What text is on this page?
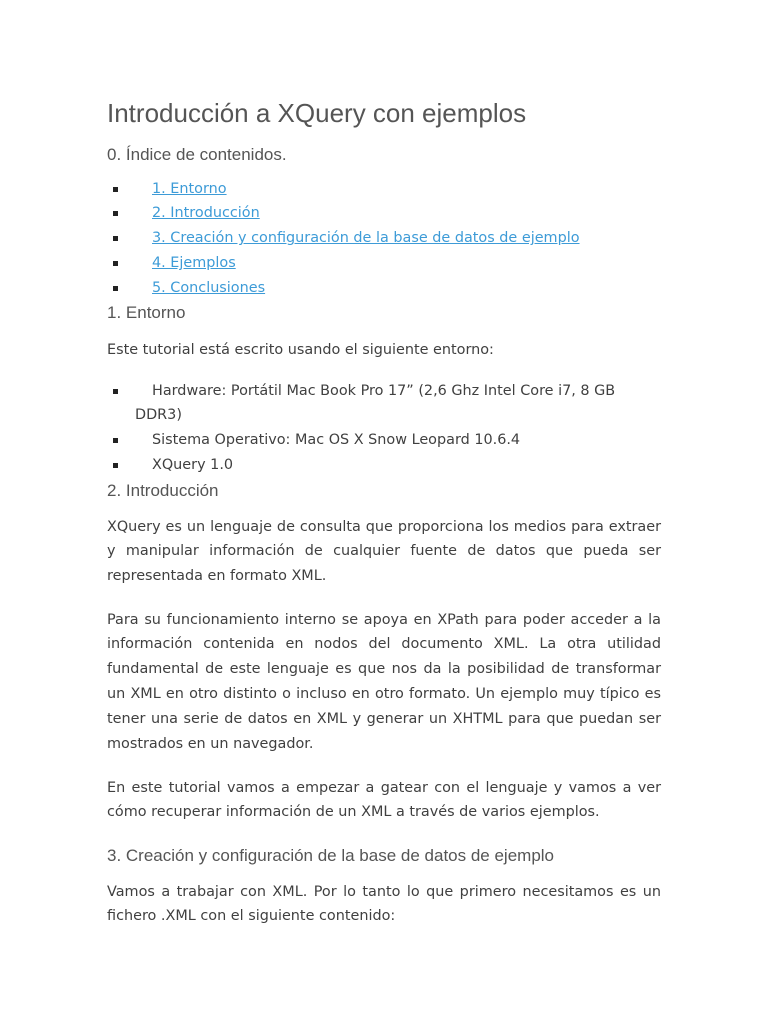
Introducción a XQuery con ejemplos
0. Índice de contenidos.
1. Entorno
2. Introducción
3. Creación y configuración de la base de datos de ejemplo
4. Ejemplos
5. Conclusiones
1. Entorno

Este tutorial está escrito usando el siguiente entorno:

Hardware: Portátil Mac Book Pro 17” (2,6 Ghz Intel Core i7, 8 GB DDR3)
Sistema Operativo: Mac OS X Snow Leopard 10.6.4
XQuery 1.0
2. Introducción

XQuery es un lenguaje de consulta que proporciona los medios para extraer y manipular información de cualquier fuente de datos que pueda ser representada en formato XML.

Para su funcionamiento interno se apoya en XPath para poder acceder a la información contenida en nodos del documento XML. La otra utilidad fundamental de este lenguaje es que nos da la posibilidad de transformar un XML en otro distinto o incluso en otro formato. Un ejemplo muy típico es tener una serie de datos en XML y generar un XHTML para que puedan ser mostrados en un navegador.

En este tutorial vamos a empezar a gatear con el lenguaje y vamos a ver cómo recuperar información de un XML a través de varios ejemplos.

3. Creación y configuración de la base de datos de ejemplo

Vamos a trabajar con XML. Por lo tanto lo que primero necesitamos es un fichero .XML con el siguiente contenido:
